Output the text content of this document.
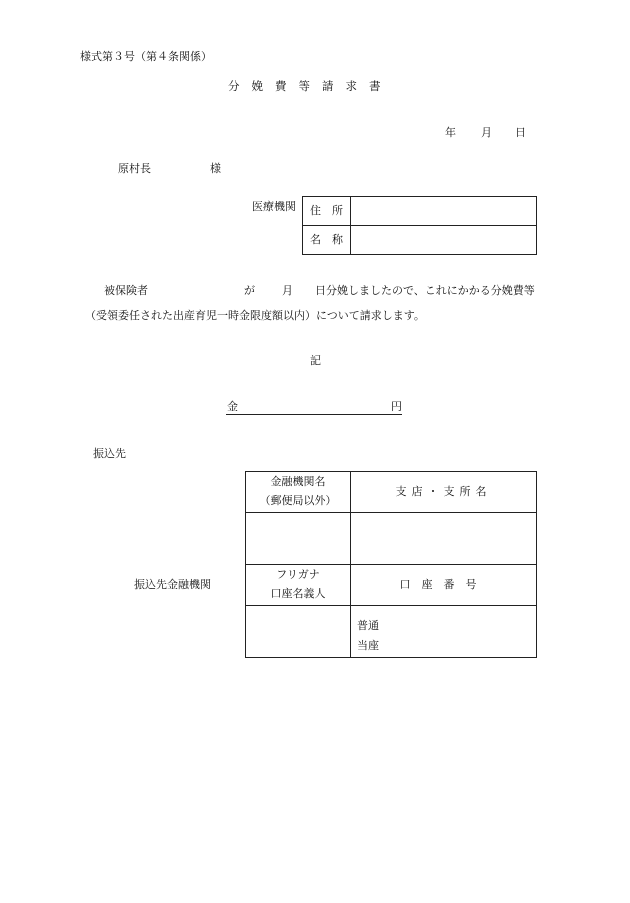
様式第３号（第４条関係）
分娩費等請求書
年 月 日
原村長	様
医療機関 住　所	
名　称	
被保険者	が 月 日分娩しましたので、これにかかる分娩費等
（受領委任された出産育児一時金限度額以内）について請求します。
記
金	円
振込先
振込先金融機関
金融機関名
（郵便局以外）	支店・支所名

フリガナ
口座名義人	口座番号

	普通
当座
